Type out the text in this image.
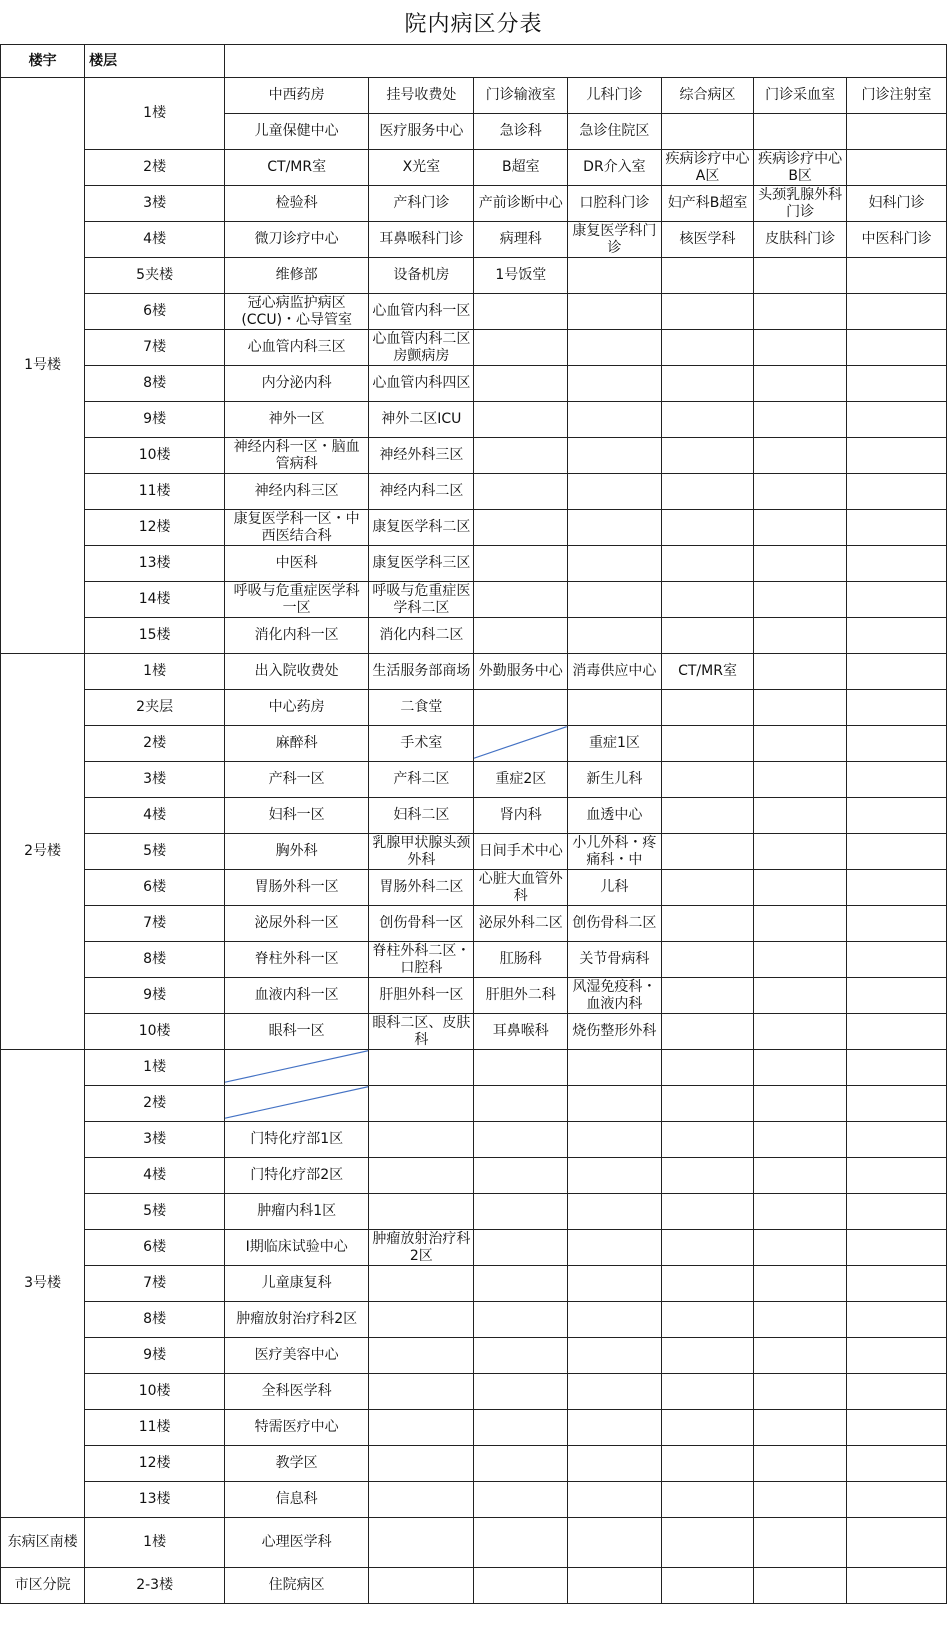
院内病区分表
楼宇	楼层							
1号楼	1楼	中西药房	挂号收费处	门诊输液室	儿科门诊	综合病区	门诊采血室	门诊注射室
		儿童保健中心	医疗服务中心	急诊科	急诊住院区			
	2楼	CT/MR室	X光室	B超室	DR介入室	疾病诊疗中心A区	疾病诊疗中心B区	
	3楼	检验科	产科门诊	产前诊断中心	口腔科门诊	妇产科B超室	头颈乳腺外科门诊	妇科门诊
	4楼	微刀诊疗中心	耳鼻喉科门诊	病理科	康复医学科门诊	核医学科	皮肤科门诊	中医科门诊
	5夹楼	维修部	设备机房	1号饭堂				
	6楼	冠心病监护病区(CCU)・心导管室	心血管内科一区					
	7楼	心血管内科三区	心血管内科二区房颤病房					
	8楼	内分泌内科	心血管内科四区					
	9楼	神外一区	神外二区ICU					
	10楼	神经内科一区・脑血管病科	神经外科三区					
	11楼	神经内科三区	神经内科二区					
	12楼	康复医学科一区・中西医结合科	康复医学科二区					
	13楼	中医科	康复医学科三区					
	14楼	呼吸与危重症医学科一区	呼吸与危重症医学科二区					
	15楼	消化内科一区	消化内科二区					
2号楼	1楼	出入院收费处	生活服务部商场	外勤服务中心	消毒供应中心	CT/MR室		
	2夹层	中心药房	二食堂					
	2楼	麻醉科	手术室		重症1区			
	3楼	产科一区	产科二区	重症2区	新生儿科			
	4楼	妇科一区	妇科二区	肾内科	血透中心			
	5楼	胸外科	乳腺甲状腺头颈外科	日间手术中心	小儿外科・疼痛科・中			
	6楼	胃肠外科一区	胃肠外科二区	心脏大血管外科	儿科			
	7楼	泌尿外科一区	创伤骨科一区	泌尿外科二区	创伤骨科二区			
	8楼	脊柱外科一区	脊柱外科二区・口腔科	肛肠科	关节骨病科			
	9楼	血液内科一区	肝胆外科一区	肝胆外二科	风湿免疫科・血液内科			
	10楼	眼科一区	眼科二区、皮肤科	耳鼻喉科	烧伤整形外科			
3号楼	1楼	

	2楼	

	3楼	门特化疗部1区						
	4楼	门特化疗部2区						
	5楼	肿瘤内科1区						
	6楼	I期临床试验中心	肿瘤放射治疗科2区					
	7楼	儿童康复科						
	8楼	肿瘤放射治疗科2区						
	9楼	医疗美容中心						
	10楼	全科医学科						
	11楼	特需医疗中心						
	12楼	教学区						
	13楼	信息科						
东病区南楼	1楼	心理医学科						
市区分院	2-3楼	住院病区						
